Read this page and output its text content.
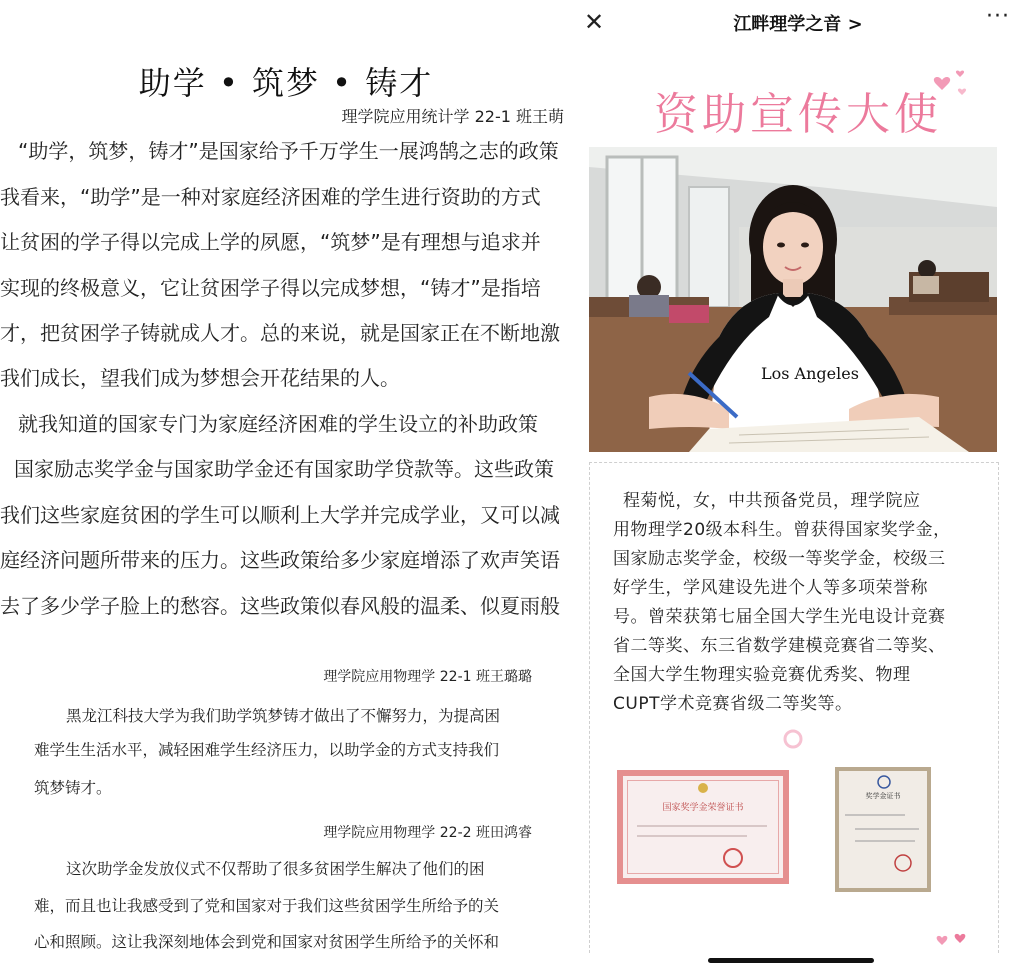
助学 • 筑梦 • 铸才
理学院应用统计学 22-1 班王萌
“助学，筑梦，铸才”是国家给予千万学生一展鸿鹄之志的政策
我看来，“助学”是一种对家庭经济困难的学生进行资助的方式
让贫困的学子得以完成上学的夙愿，“筑梦”是有理想与追求并
实现的终极意义，它让贫困学子得以完成梦想，“铸才”是指培
才，把贫困学子铸就成人才。总的来说，就是国家正在不断地激
我们成长，望我们成为梦想会开花结果的人。
就我知道的国家专门为家庭经济困难的学生设立的补助政策
国家励志奖学金与国家助学金还有国家助学贷款等。这些政策
我们这些家庭贫困的学生可以顺利上大学并完成学业，又可以减
庭经济问题所带来的压力。这些政策给多少家庭增添了欢声笑语
去了多少学子脸上的愁容。这些政策似春风般的温柔、似夏雨般
理学院应用物理学 22-1 班王璐璐
黑龙江科技大学为我们助学筑梦铸才做出了不懈努力，为提高困
难学生生活水平，减轻困难学生经济压力，以助学金的方式支持我们
筑梦铸才。
理学院应用物理学 22-2 班田鸿睿
这次助学金发放仪式不仅帮助了很多贫困学生解决了他们的困
难，而且也让我感受到了党和国家对于我们这些贫困学生所给予的关
心和照顾。这让我深刻地体会到党和国家对贫困学生所给予的关怀和
✕	江畔理学之音 >	···
资助宣传大使
Los Angeles
程菊悦，女，中共预备党员，理学院应
用物理学20级本科生。曾获得国家奖学金，
国家励志奖学金，校级一等奖学金，校级三
好学生，学风建设先进个人等多项荣誉称
号。曾荣获第七届全国大学生光电设计竞赛
省二等奖、东三省数学建模竞赛省二等奖、
全国大学生物理实验竞赛优秀奖、物理
CUPT学术竞赛省级二等奖等。
国家奖学金荣誉证书
奖学金证书
